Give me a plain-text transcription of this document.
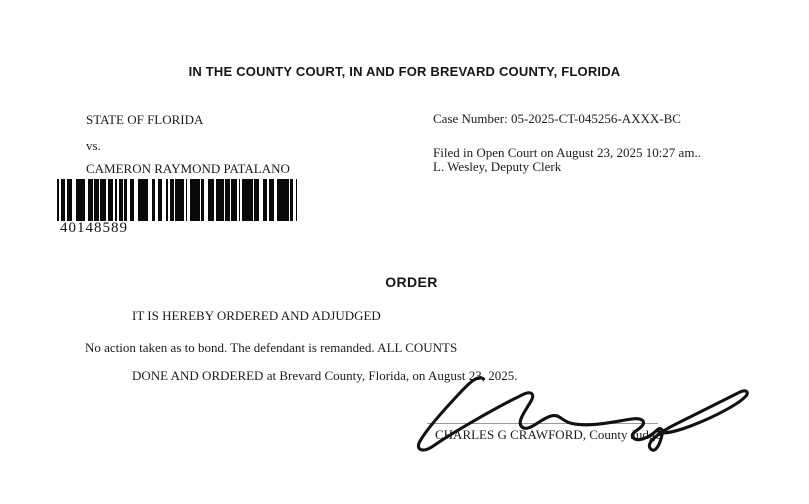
IN THE COUNTY COURT, IN AND FOR BREVARD COUNTY, FLORIDA
STATE OF FLORIDA
vs.
CAMERON RAYMOND PATALANO
Case Number: 05-2025-CT-045256-AXXX-BC
Filed in Open Court on August 23, 2025 10:27 am..
L. Wesley, Deputy Clerk
40148589
ORDER
IT IS HEREBY ORDERED AND ADJUDGED
No action taken as to bond. The defendant is remanded. ALL COUNTS
DONE AND ORDERED at Brevard County, Florida, on August 23, 2025.
CHARLES G CRAWFORD, County Judge
